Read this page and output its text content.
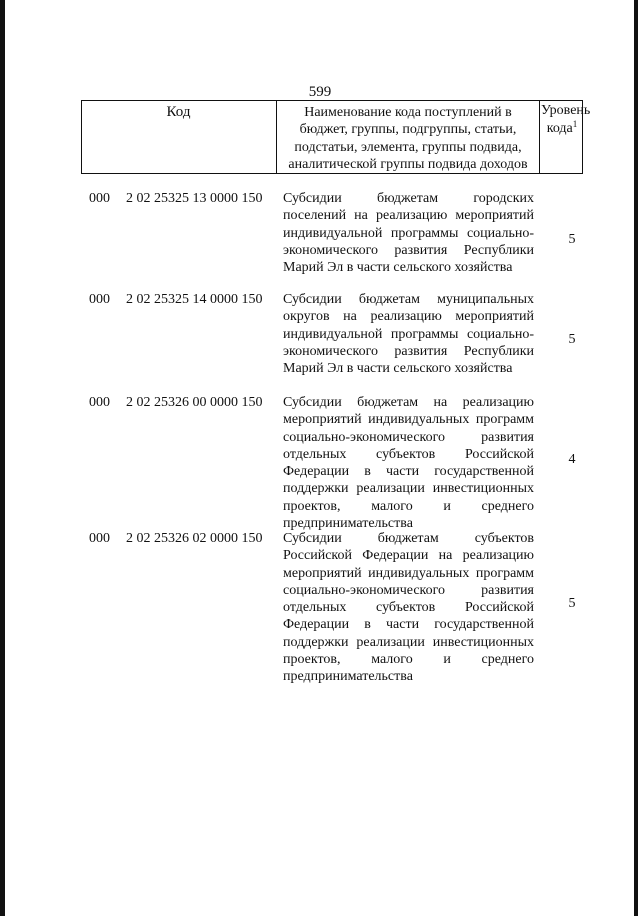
599
Код	Наименование кода поступлений в бюджет, группы, подгруппы, статьи, подстатьи, элемента, группы подвида, аналитической группы подвида доходов
Уровень кода$^1$
000 2 02 25325 13 0000 150 Субсидии бюджетам городских поселений на реализацию мероприятий индивидуальной программы социально-экономического развития Республики Марий Эл в части сельского хозяйства
5
000 2 02 25325 14 0000 150 Субсидии бюджетам муниципальных округов на реализацию мероприятий индивидуальной программы социально-экономического развития Республики Марий Эл в части сельского хозяйства
5
000 2 02 25326 00 0000 150 Субсидии бюджетам на реализацию мероприятий индивидуальных программ социально-экономического развития отдельных субъектов Российской Федерации в части государственной поддержки реализации инвестиционных проектов, малого и среднего предпринимательства
4
000 2 02 25326 02 0000 150 Субсидии бюджетам субъектов Российской Федерации на реализацию мероприятий индивидуальных программ социально-экономического развития отдельных субъектов Российской Федерации в части государственной поддержки реализации инвестиционных проектов, малого и среднего предпринимательства
5
